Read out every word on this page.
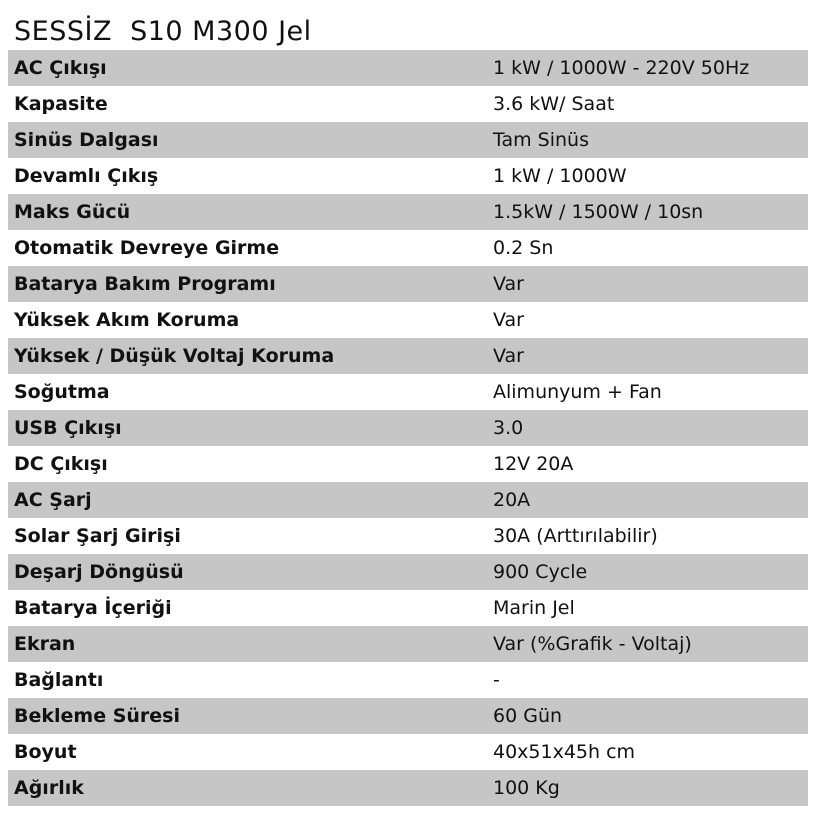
SESSİZ  S10 M300 Jel
AC Çıkışı	1 kW / 1000W - 220V 50Hz
Kapasite	3.6 kW/ Saat
Sinüs Dalgası	Tam Sinüs
Devamlı Çıkış	1 kW / 1000W
Maks Gücü	1.5kW / 1500W / 10sn
Otomatik Devreye Girme	0.2 Sn
Batarya Bakım Programı	Var
Yüksek Akım Koruma	Var
Yüksek / Düşük Voltaj Koruma	Var
Soğutma	Alimunyum + Fan
USB Çıkışı	3.0
DC Çıkışı	12V 20A
AC Şarj	20A
Solar Şarj Girişi	30A (Arttırılabilir)
Deşarj Döngüsü	900 Cycle
Batarya İçeriği	Marin Jel
Ekran	Var (%Grafik - Voltaj)
Bağlantı	-
Bekleme Süresi	60 Gün
Boyut	40x51x45h cm
Ağırlık	100 Kg
